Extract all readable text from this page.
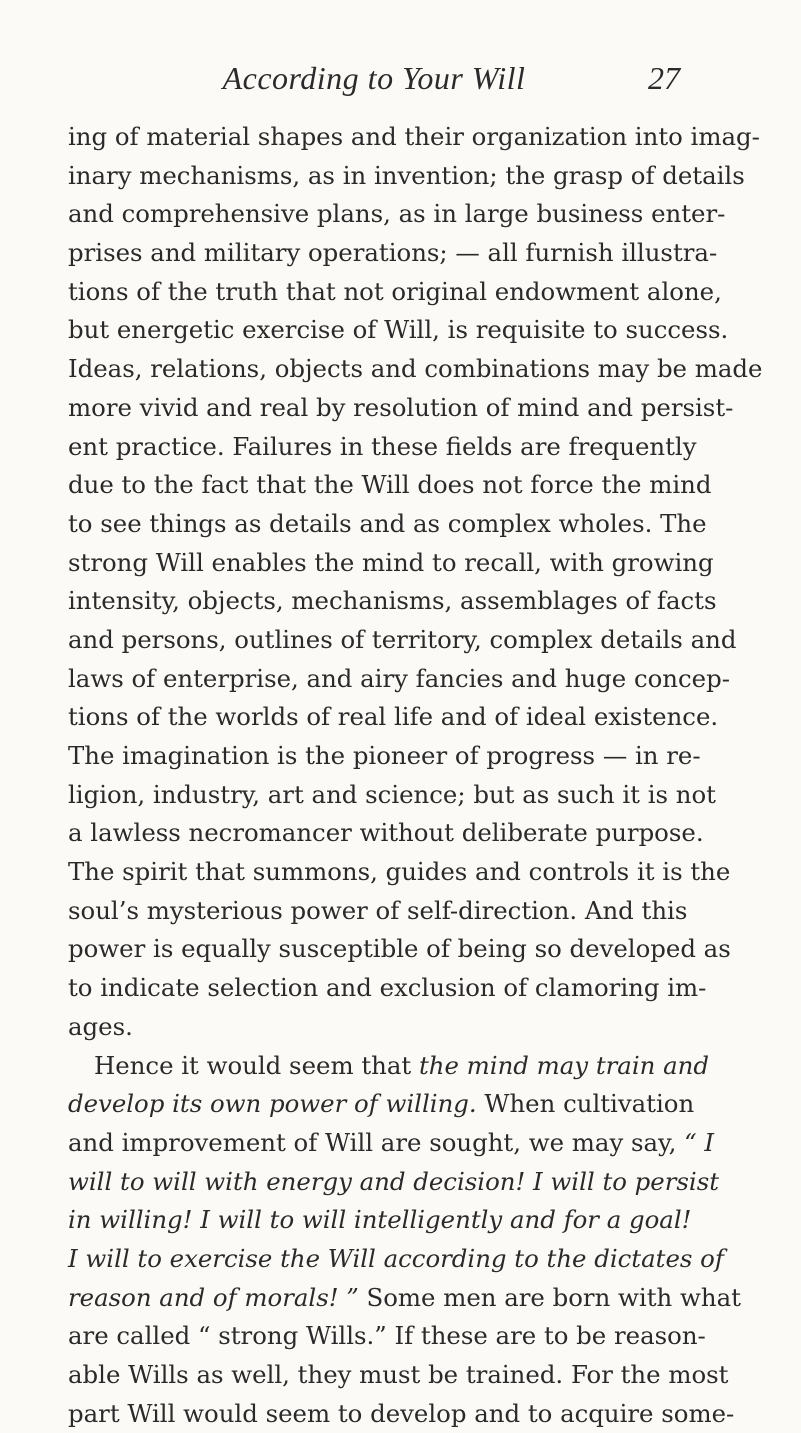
According to Your Will	27
ing of material shapes and their organization into imag-
inary mechanisms, as in invention; the grasp of details
and comprehensive plans, as in large business enter-
prises and military operations; — all furnish illustra-
tions of the truth that not original endowment alone,
but energetic exercise of Will, is requisite to success.
Ideas, relations, objects and combinations may be made
more vivid and real by resolution of mind and persist-
ent practice. Failures in these fields are frequently
due to the fact that the Will does not force the mind
to see things as details and as complex wholes. The
strong Will enables the mind to recall, with growing
intensity, objects, mechanisms, assemblages of facts
and persons, outlines of territory, complex details and
laws of enterprise, and airy fancies and huge concep-
tions of the worlds of real life and of ideal existence.
The imagination is the pioneer of progress — in re-
ligion, industry, art and science; but as such it is not
a lawless necromancer without deliberate purpose.
The spirit that summons, guides and controls it is the
soul’s mysterious power of self-direction. And this
power is equally susceptible of being so developed as
to indicate selection and exclusion of clamoring im-
ages.
Hence it would seem that the mind may train and
develop its own power of willing. When cultivation
and improvement of Will are sought, we may say, “ I
will to will with energy and decision! I will to persist
in willing! I will to will intelligently and for a goal!
I will to exercise the Will according to the dictates of
reason and of morals! ” Some men are born with what
are called “ strong Wills.” If these are to be reason-
able Wills as well, they must be trained. For the most
part Will would seem to develop and to acquire some-
